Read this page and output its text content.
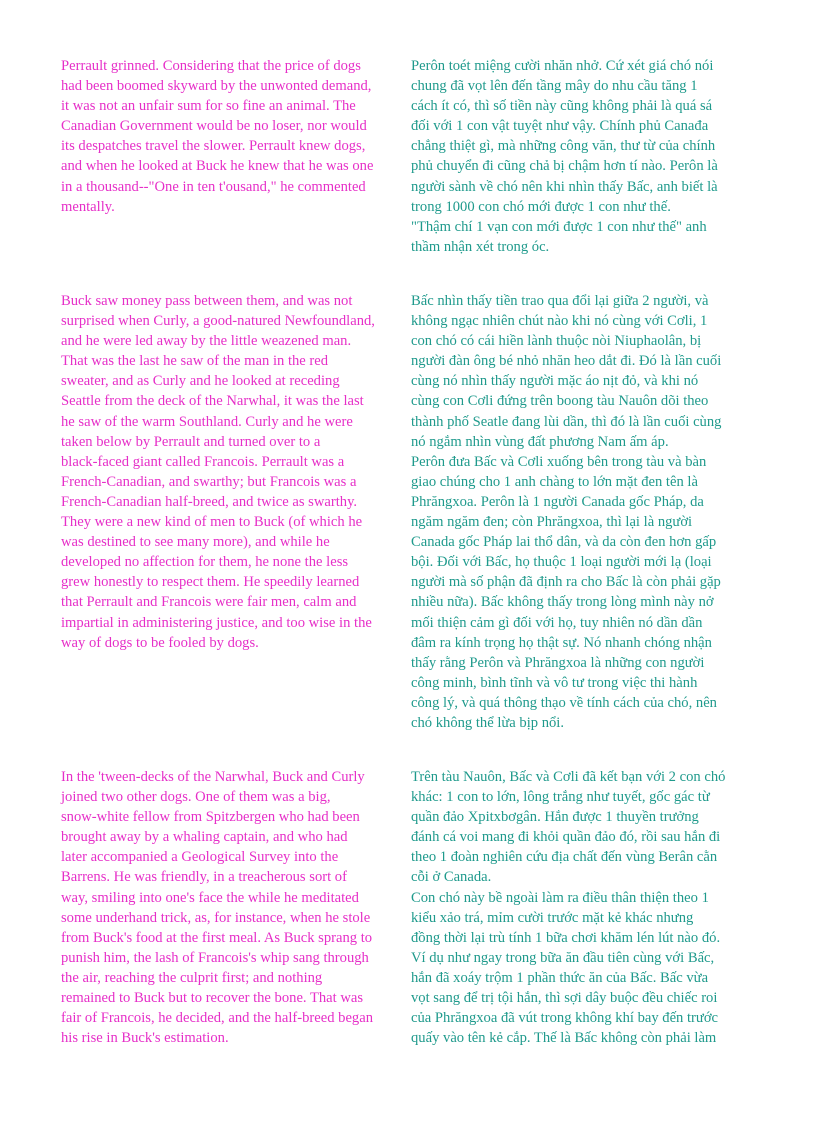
Perrault grinned. Considering that the price of dogs
had been boomed skyward by the unwonted demand,
it was not an unfair sum for so fine an animal. The
Canadian Government would be no loser, nor would
its despatches travel the slower. Perrault knew dogs,
and when he looked at Buck he knew that he was one
in a thousand--"One in ten t'ousand," he commented
mentally.
Perôn toét miệng cười nhăn nhở. Cứ xét giá chó nói
chung đã vọt lên đến tầng mây do nhu cầu tăng 1
cách ít có, thì số tiền này cũng không phải là quá sá
đối với 1 con vật tuyệt như vậy. Chính phủ Canađa
chẳng thiệt gì, mà những công văn, thư từ của chính
phủ chuyển đi cũng chả bị chậm hơn tí nào. Perôn là
người sành về chó nên khi nhìn thấy Bấc, anh biết là
trong 1000 con chó mới được 1 con như thế.
"Thậm chí 1 vạn con mới được 1 con như thế" anh
thầm nhận xét trong óc.
Buck saw money pass between them, and was not
surprised when Curly, a good-natured Newfoundland,
and he were led away by the little weazened man.
That was the last he saw of the man in the red
sweater, and as Curly and he looked at receding
Seattle from the deck of the Narwhal, it was the last
he saw of the warm Southland. Curly and he were
taken below by Perrault and turned over to a
black-faced giant called Francois. Perrault was a
French-Canadian, and swarthy; but Francois was a
French-Canadian half-breed, and twice as swarthy.
They were a new kind of men to Buck (of which he
was destined to see many more), and while he
developed no affection for them, he none the less
grew honestly to respect them. He speedily learned
that Perrault and Francois were fair men, calm and
impartial in administering justice, and too wise in the
way of dogs to be fooled by dogs.
Bấc nhìn thấy tiền trao qua đổi lại giữa 2 người, và
không ngạc nhiên chút nào khi nó cùng với Cơli, 1
con chó có cái hiền lành thuộc nòi Niuphaolân, bị
người đàn ông bé nhỏ nhăn heo dắt đi. Đó là lần cuối
cùng nó nhìn thấy người mặc áo nịt đỏ, và khi nó
cùng con Cơli đứng trên boong tàu Nauôn dõi theo
thành phố Seatle đang lùi dần, thì đó là lần cuối cùng
nó ngắm nhìn vùng đất phương Nam ấm áp.
Perôn đưa Bấc và Cơli xuống bên trong tàu và bàn
giao chúng cho 1 anh chàng to lớn mặt đen tên là
Phrăngxoa. Perôn là 1 người Canada gốc Pháp, da
ngăm ngăm đen; còn Phrăngxoa, thì lại là người
Canada gốc Pháp lai thổ dân, và da còn đen hơn gấp
bội. Đối với Bấc, họ thuộc 1 loại người mới lạ (loại
người mà số phận đã định ra cho Bấc là còn phải gặp
nhiều nữa). Bấc không thấy trong lòng mình này nở
mối thiện cảm gì đối với họ, tuy nhiên nó dần dần
đâm ra kính trọng họ thật sự. Nó nhanh chóng nhận
thấy rằng Perôn và Phrăngxoa là những con người
công minh, bình tĩnh và vô tư trong việc thi hành
công lý, và quá thông thạo về tính cách của chó, nên
chó không thể lừa bịp nổi.
In the 'tween-decks of the Narwhal, Buck and Curly
joined two other dogs. One of them was a big,
snow-white fellow from Spitzbergen who had been
brought away by a whaling captain, and who had
later accompanied a Geological Survey into the
Barrens. He was friendly, in a treacherous sort of
way, smiling into one's face the while he meditated
some underhand trick, as, for instance, when he stole
from Buck's food at the first meal. As Buck sprang to
punish him, the lash of Francois's whip sang through
the air, reaching the culprit first; and nothing
remained to Buck but to recover the bone. That was
fair of Francois, he decided, and the half-breed began
his rise in Buck's estimation.
Trên tàu Nauôn, Bấc và Cơli đã kết bạn với 2 con chó
khác: 1 con to lớn, lông trắng như tuyết, gốc gác từ
quần đảo Xpitxbơgân. Hắn được 1 thuyền trưởng
đánh cá voi mang đi khỏi quần đảo đó, rồi sau hắn đi
theo 1 đoàn nghiên cứu địa chất đến vùng Berân cằn
cỗi ở Canada.
Con chó này bề ngoài làm ra điều thân thiện theo 1
kiểu xảo trá, mỉm cười trước mặt kẻ khác nhưng
đồng thời lại trù tính 1 bữa chơi khăm lén lút nào đó.
Ví dụ như ngay trong bữa ăn đầu tiên cùng với Bấc,
hắn đã xoáy trộm 1 phần thức ăn của Bấc. Bấc vừa
vọt sang để trị tội hắn, thì sợi dây buộc đều chiếc roi
của Phrăngxoa đã vút trong không khí bay đến trước
quấy vào tên kẻ cắp. Thế là Bấc không còn phải làm
